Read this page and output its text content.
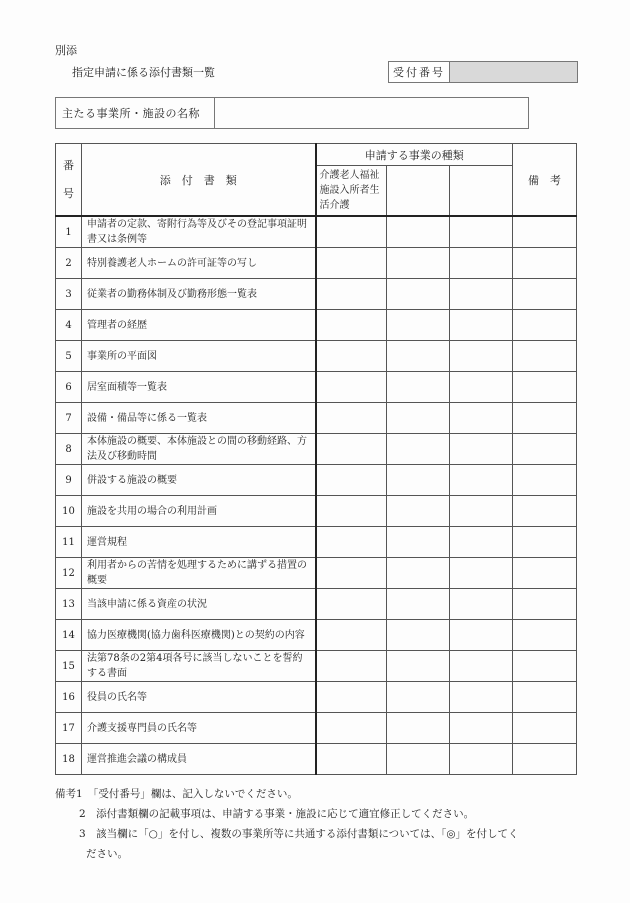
別添
指定申請に係る添付書類一覧	受付番号
主たる事業所・施設の名称
番
号	添　付　書　類	申請する事業の種類			備　考
		介護老人福祉施設入所者生活介護			
1	申請者の定款、寄附行為等及びその登記事項証明書又は条例等				
2	特別養護老人ホームの許可証等の写し				
3	従業者の勤務体制及び勤務形態一覧表				
4	管理者の経歴				
5	事業所の平面図				
6	居室面積等一覧表				
7	設備・備品等に係る一覧表				
8	本体施設の概要、本体施設との間の移動経路、方法及び移動時間				
9	併設する施設の概要				
10	施設を共用の場合の利用計画				
11	運営規程				
12	利用者からの苦情を処理するために講ずる措置の概要				
13	当該申請に係る資産の状況				
14	協力医療機関(協力歯科医療機関)との契約の内容				
15	法第78条の2第4項各号に該当しないことを誓約する書面				
16	役員の氏名等				
17	介護支援専門員の氏名等				
18	運営推進会議の構成員				
備考1　「受付番号」欄は、記入しないでください。
2　添付書類欄の記載事項は、申請する事業・施設に応じて適宜修正してください。
3　該当欄に「○」を付し、複数の事業所等に共通する添付書類については、「◎」を付してく
ださい。
